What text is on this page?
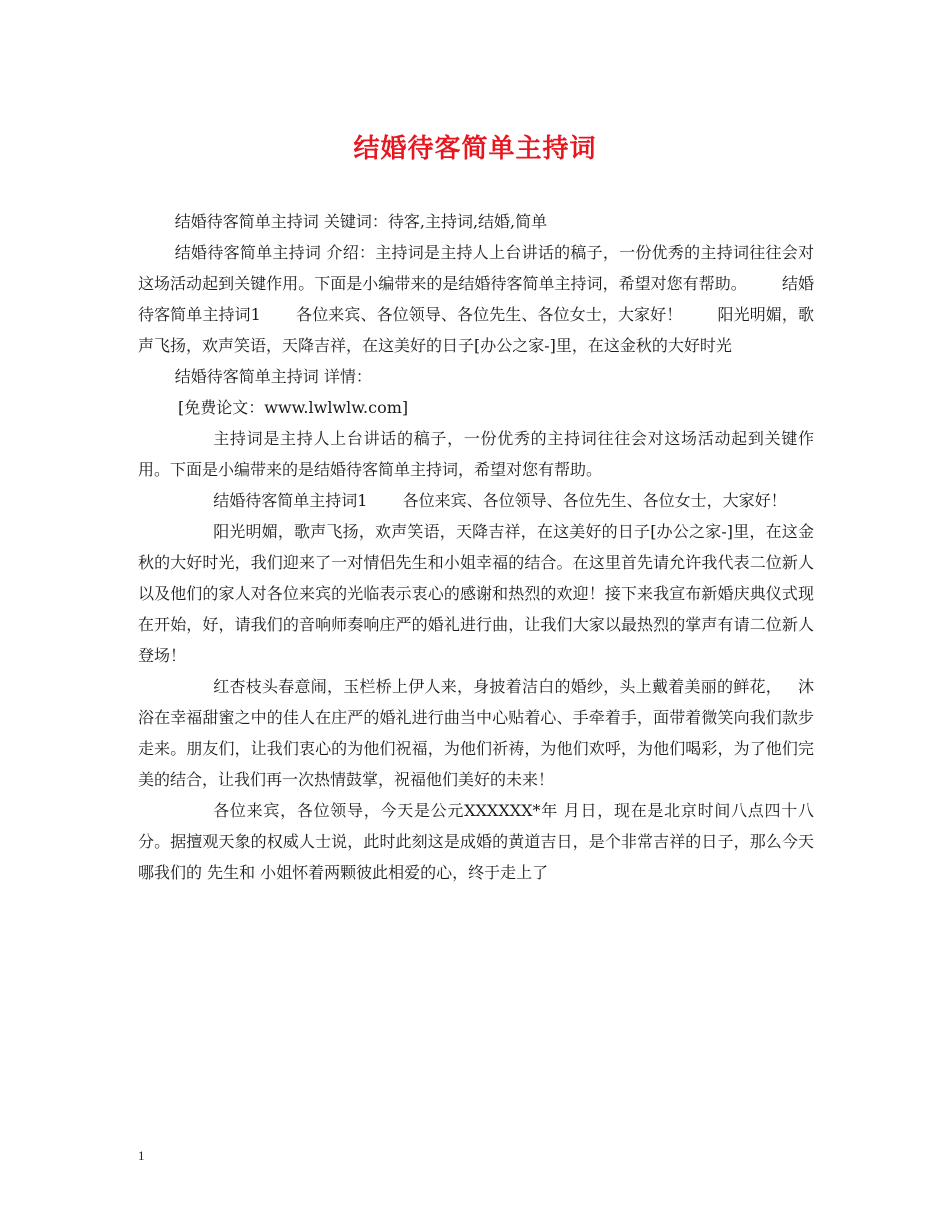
结婚待客简单主持词

结婚待客简单主持词 关键词：待客,主持词,结婚,简单

结婚待客简单主持词 介绍：主持词是主持人上台讲话的稿子，一份优秀的主持词往往会对这场活动起到关键作用。下面是小编带来的是结婚待客简单主持词，希望对您有帮助。 结婚待客简单主持词1 各位来宾、各位领导、各位先生、各位女士，大家好！ 阳光明媚，歌声飞扬，欢声笑语，天降吉祥，在这美好的日子[办公之家-]里，在这金秋的大好时光

结婚待客简单主持词 详情：

[免费论文：www.lwlwlw.com]

主持词是主持人上台讲话的稿子，一份优秀的主持词往往会对这场活动起到关键作用。下面是小编带来的是结婚待客简单主持词，希望对您有帮助。

结婚待客简单主持词1 各位来宾、各位领导、各位先生、各位女士，大家好！

阳光明媚，歌声飞扬，欢声笑语，天降吉祥，在这美好的日子[办公之家-]里，在这金秋的大好时光，我们迎来了一对情侣先生和小姐幸福的结合。在这里首先请允许我代表二位新人以及他们的家人对各位来宾的光临表示衷心的感谢和热烈的欢迎！接下来我宣布新婚庆典仪式现在开始，好，请我们的音响师奏响庄严的婚礼进行曲，让我们大家以最热烈的掌声有请二位新人登场！

红杏枝头春意闹，玉栏桥上伊人来，身披着洁白的婚纱，头上戴着美丽的鲜花， 沐浴在幸福甜蜜之中的佳人在庄严的婚礼进行曲当中心贴着心、手牵着手，面带着微笑向我们款步走来。朋友们，让我们衷心的为他们祝福，为他们祈祷，为他们欢呼，为他们喝彩，为了他们完美的结合，让我们再一次热情鼓掌，祝福他们美好的未来！

各位来宾，各位领导，今天是公元XXXXXX*年 月日，现在是北京时间八点四十八分。据擅观天象的权威人士说，此时此刻这是成婚的黄道吉日，是个非常吉祥的日子，那么今天哪我们的 先生和 小姐怀着两颗彼此相爱的心，终于走上了

1
